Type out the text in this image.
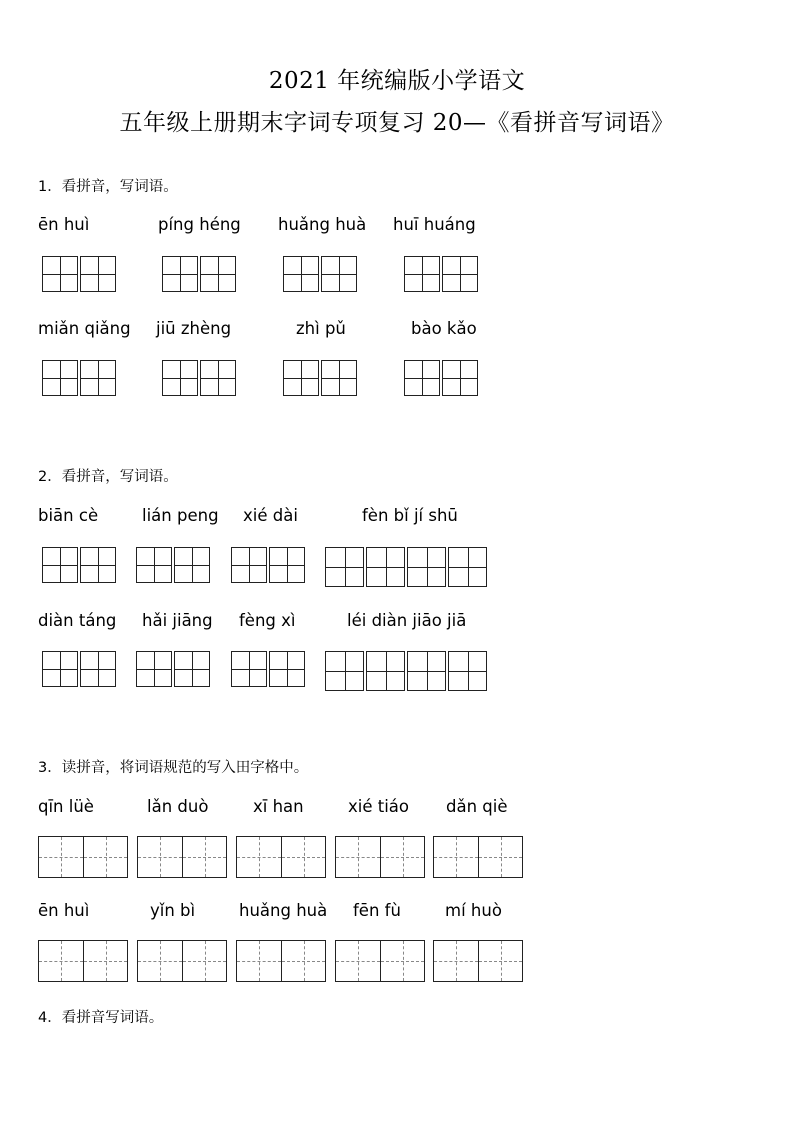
2021 年统编版小学语文
五年级上册期末字词专项复习 20—《看拼音写词语》
1．看拼音，写词语。
ēn huì	píng héng huǎng huà huī huáng
miǎn qiǎng jiū zhèng	zhì pǔ	bào kǎo
2．看拼音，写词语。
biān cè	lián peng xié dài	fèn bǐ jí shū
diàn táng hǎi jiāng fèng xì	léi diàn jiāo jiā
3．读拼音，将词语规范的写入田字格中。
qīn lüè	lǎn duò	xī han	xié tiáo dǎn qiè
ēn huì	yǐn bì	huǎng huà fēn fù	mí huò
4．看拼音写词语。
